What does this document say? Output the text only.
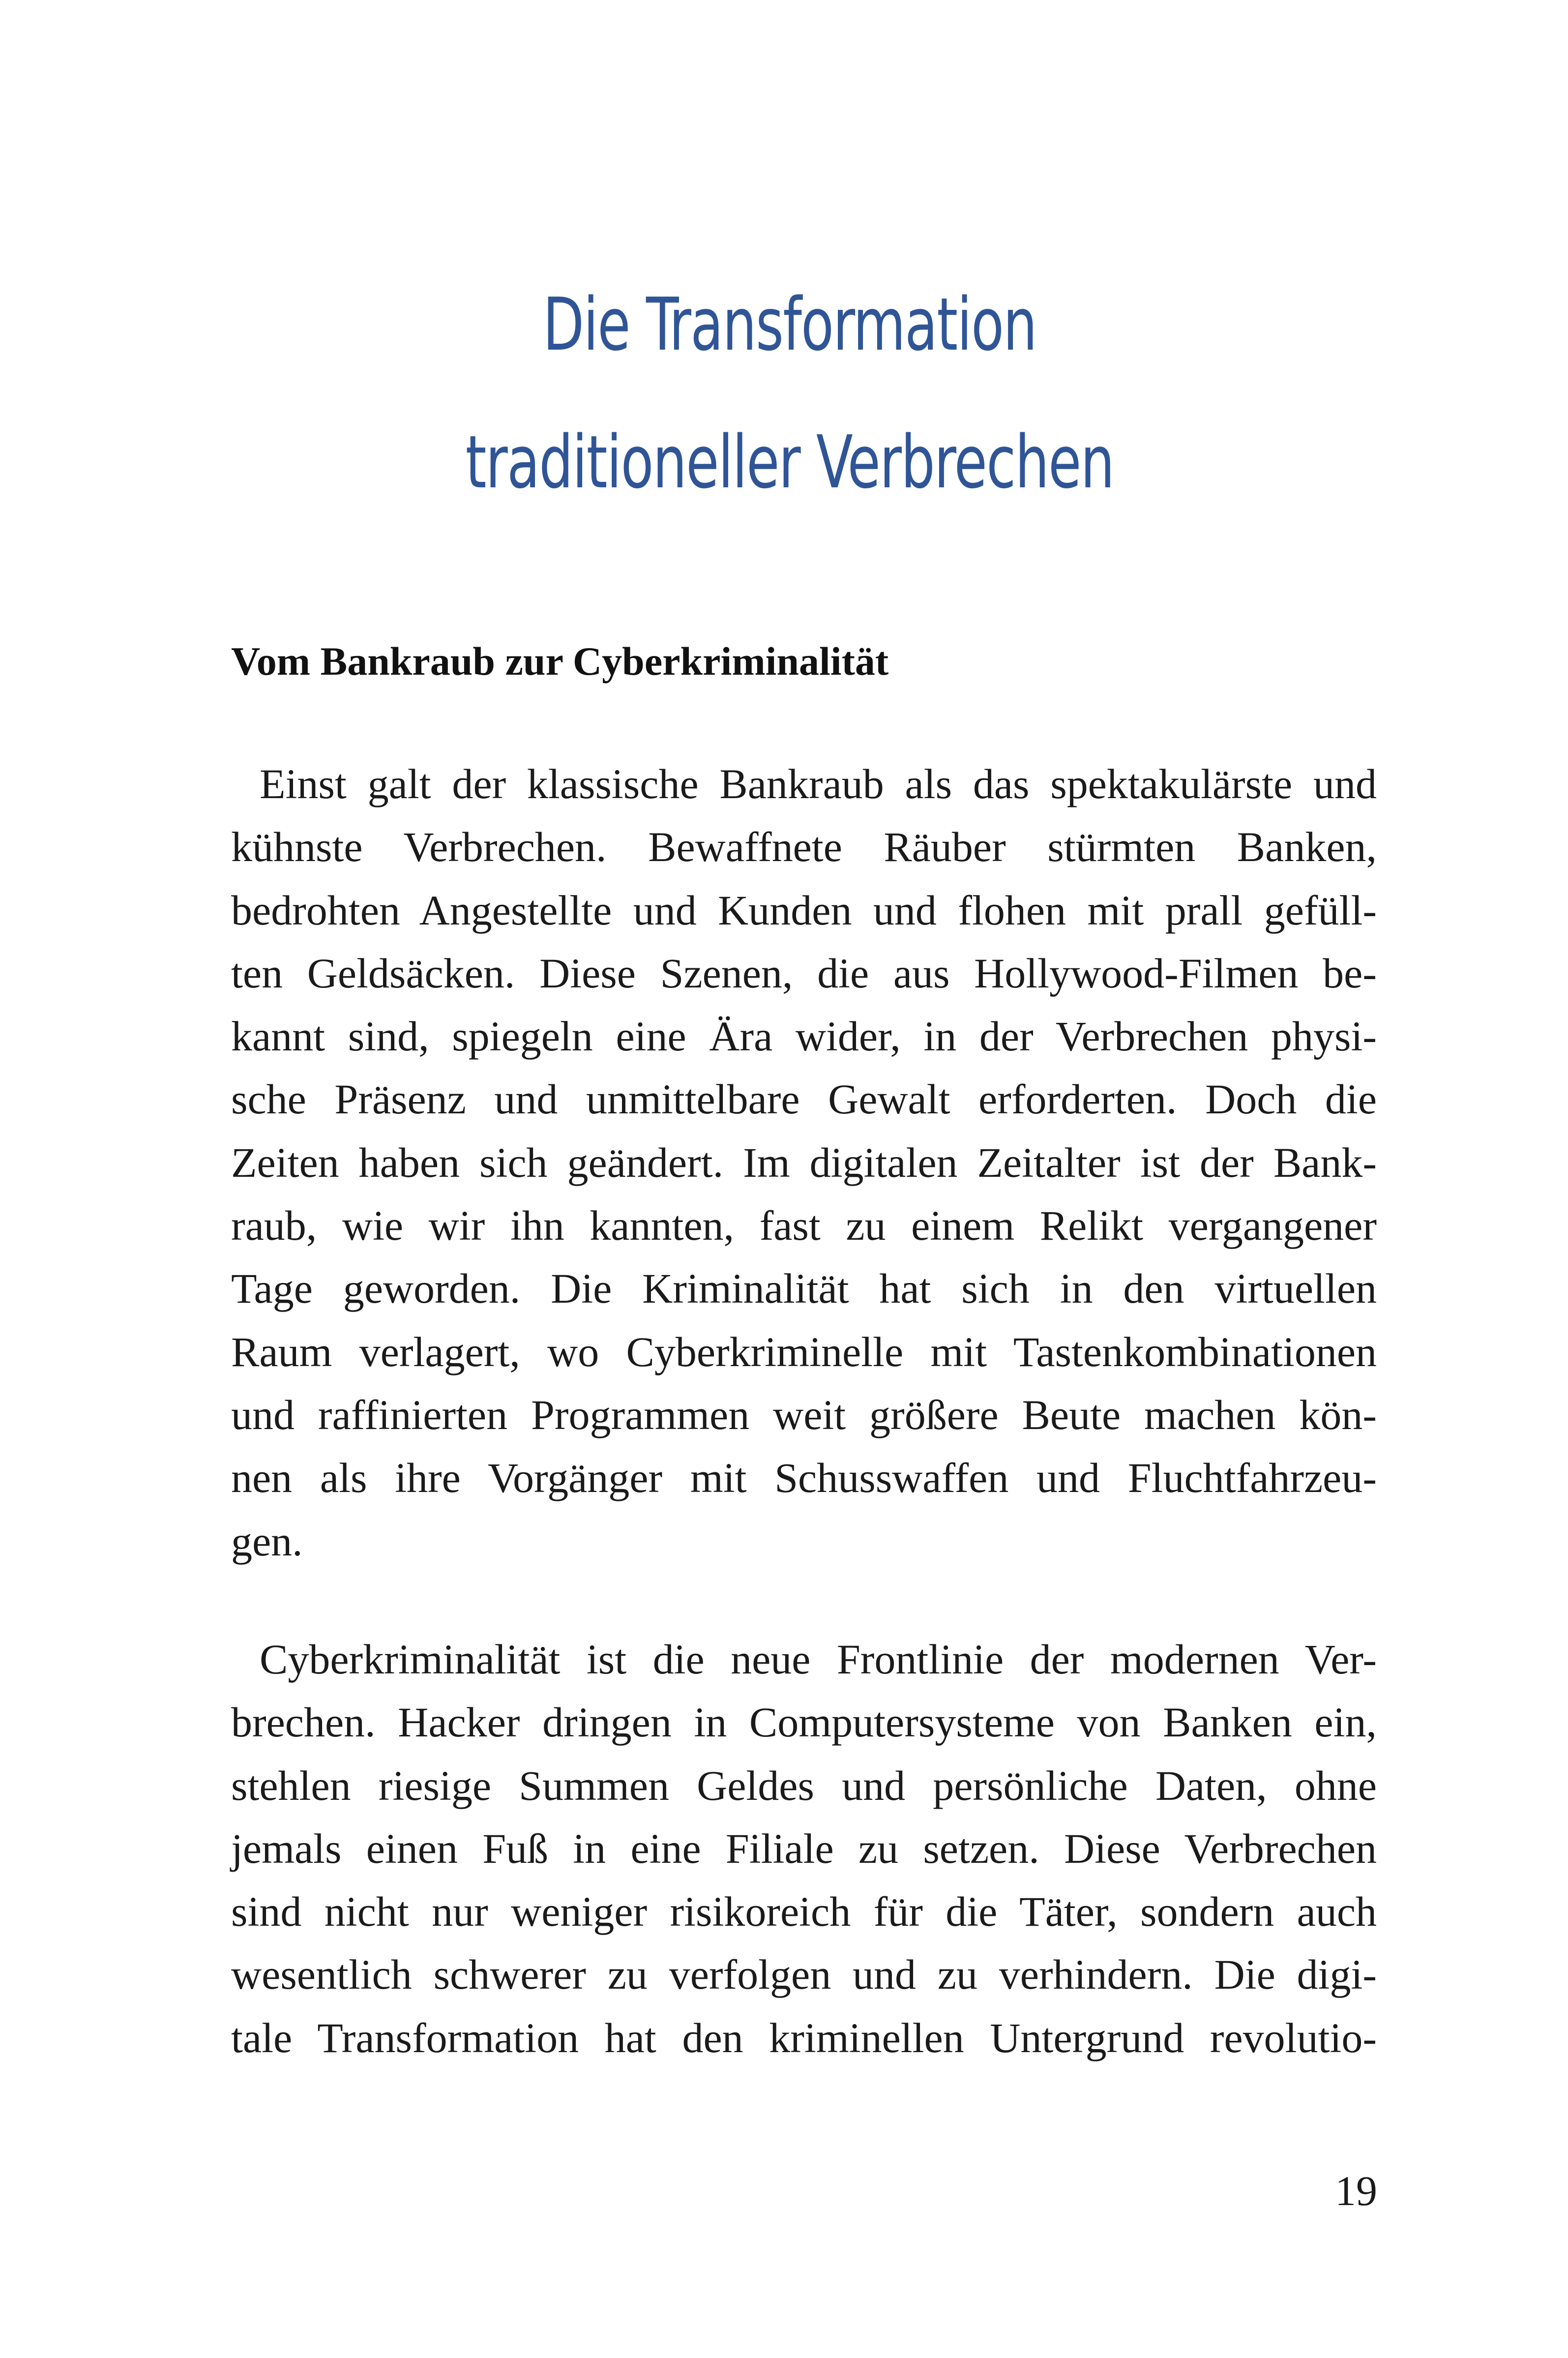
Die Transformation
traditioneller Verbrechen
Vom Bankraub zur Cyberkriminalität
Einst galt der klassische Bankraub als das spektakulärste und
kühnste Verbrechen. Bewaffnete Räuber stürmten Banken,
bedrohten Angestellte und Kunden und flohen mit prall gefüll-
ten Geldsäcken. Diese Szenen, die aus Hollywood-Filmen be-
kannt sind, spiegeln eine Ära wider, in der Verbrechen physi-
sche Präsenz und unmittelbare Gewalt erforderten. Doch die
Zeiten haben sich geändert. Im digitalen Zeitalter ist der Bank-
raub, wie wir ihn kannten, fast zu einem Relikt vergangener
Tage geworden. Die Kriminalität hat sich in den virtuellen
Raum verlagert, wo Cyberkriminelle mit Tastenkombinationen
und raffinierten Programmen weit größere Beute machen kön-
nen als ihre Vorgänger mit Schusswaffen und Fluchtfahrzeu-
gen.
Cyberkriminalität ist die neue Frontlinie der modernen Ver-
brechen. Hacker dringen in Computersysteme von Banken ein,
stehlen riesige Summen Geldes und persönliche Daten, ohne
jemals einen Fuß in eine Filiale zu setzen. Diese Verbrechen
sind nicht nur weniger risikoreich für die Täter, sondern auch
wesentlich schwerer zu verfolgen und zu verhindern. Die digi-
tale Transformation hat den kriminellen Untergrund revolutio-
19
